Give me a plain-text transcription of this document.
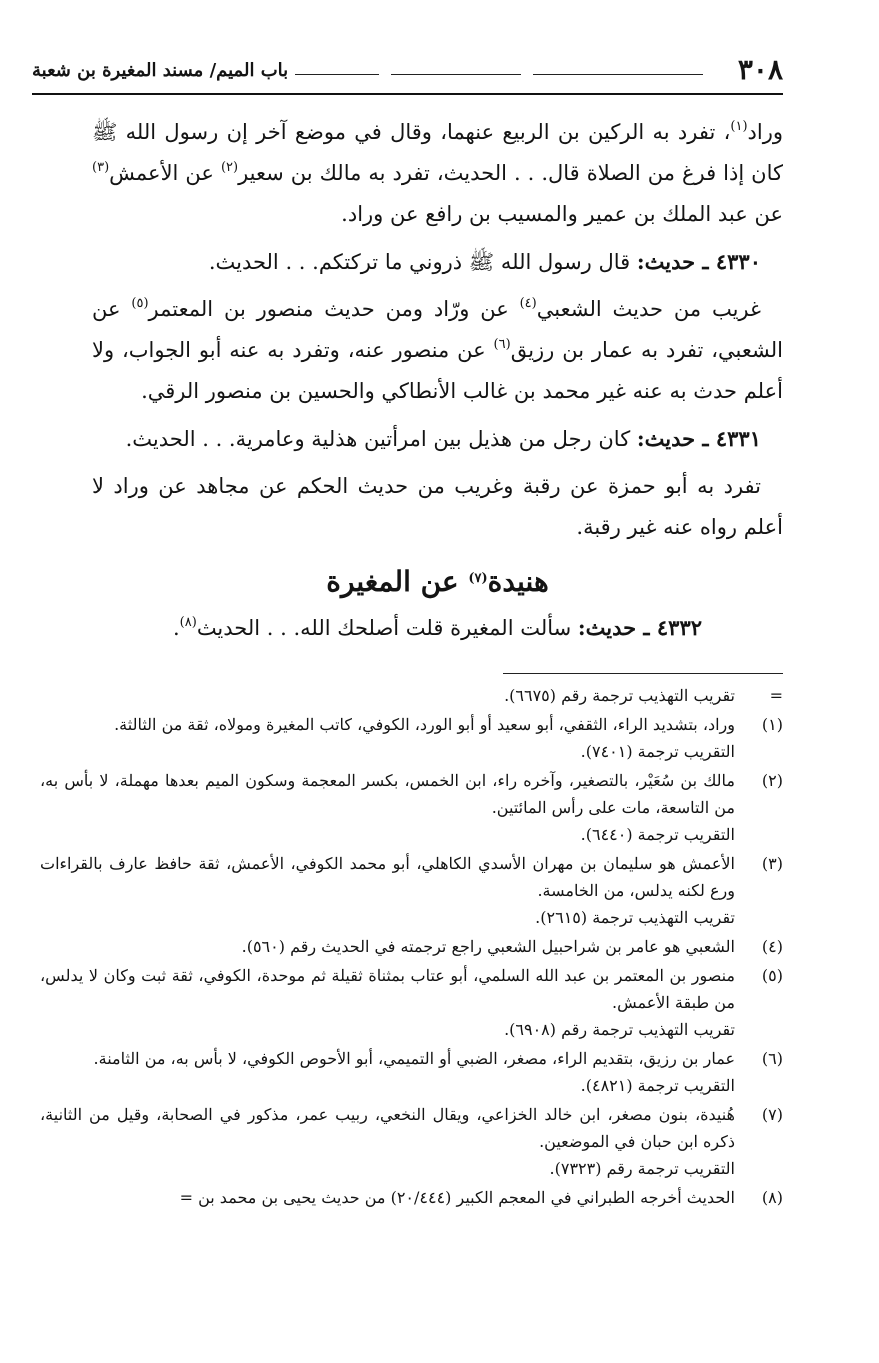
٣٠٨
باب الميم/ مسند المغيرة بن شعبة

وراد$^{(١)}$، تفرد به الركين بن الربيع عنهما، وقال في موضع آخر إن رسول الله ﷺ كان إذا فرغ من الصلاة قال. . . الحديث، تفرد به مالك بن سعير$^{(٢)}$ عن الأعمش$^{(٣)}$ عن عبد الملك بن عمير والمسيب بن رافع عن وراد.

٤٣٣٠ ـ حديث: قال رسول الله ﷺ ذروني ما تركتكم. . . الحديث.

غريب من حديث الشعبي$^{(٤)}$ عن ورّاد ومن حديث منصور بن المعتمر$^{(٥)}$ عن الشعبي، تفرد به عمار بن رزيق$^{(٦)}$ عن منصور عنه، وتفرد به عنه أبو الجواب، ولا أعلم حدث به عنه غير محمد بن غالب الأنطاكي والحسين بن منصور الرقي.

٤٣٣١ ـ حديث: كان رجل من هذيل بين امرأتين هذلية وعامرية. . . الحديث.

تفرد به أبو حمزة عن رقبة وغريب من حديث الحكم عن مجاهد عن وراد لا أعلم رواه عنه غير رقبة.

هنيدة$^{(٧)}$ عن المغيرة
٤٣٣٢ ـ حديث: سألت المغيرة قلت أصلحك الله. . . الحديث$^{(٨)}$.
=
تقريب التهذيب ترجمة رقم (٦٦٧٥).
(١)
وراد، بتشديد الراء، الثقفي، أبو سعيد أو أبو الورد، الكوفي، كاتب المغيرة ومولاه، ثقة من الثالثة.
التقريب ترجمة (٧٤٠١).
(٢)
مالك بن سُعَيْر، بالتصغير، وآخره راء، ابن الخمس، بكسر المعجمة وسكون الميم بعدها مهملة، لا بأس به، من التاسعة، مات على رأس المائتين.
التقريب ترجمة (٦٤٤٠).
(٣)
الأعمش هو سليمان بن مهران الأسدي الكاهلي، أبو محمد الكوفي، الأعمش، ثقة حافظ عارف بالقراءات ورع لكنه يدلس، من الخامسة.
تقريب التهذيب ترجمة (٢٦١٥).
(٤)
الشعبي هو عامر بن شراحبيل الشعبي راجع ترجمته في الحديث رقم (٥٦٠).
(٥)
منصور بن المعتمر بن عبد الله السلمي، أبو عتاب بمثناة ثقيلة ثم موحدة، الكوفي، ثقة ثبت وكان لا يدلس، من طبقة الأعمش.
تقريب التهذيب ترجمة رقم (٦٩٠٨).
(٦)
عمار بن رزيق، بتقديم الراء، مصغر، الضبي أو التميمي، أبو الأحوص الكوفي، لا بأس به، من الثامنة.
التقريب ترجمة (٤٨٢١).
(٧)
هُنيدة، بنون مصغر، ابن خالد الخزاعي، ويقال النخعي، ربيب عمر، مذكور في الصحابة، وقيل من الثانية، ذكره ابن حبان في الموضعين.
التقريب ترجمة رقم (٧٣٢٣).
(٨)
الحديث أخرجه الطبراني في المعجم الكبير (٢٠/٤٤٤) من حديث يحيى بن محمد بن =
